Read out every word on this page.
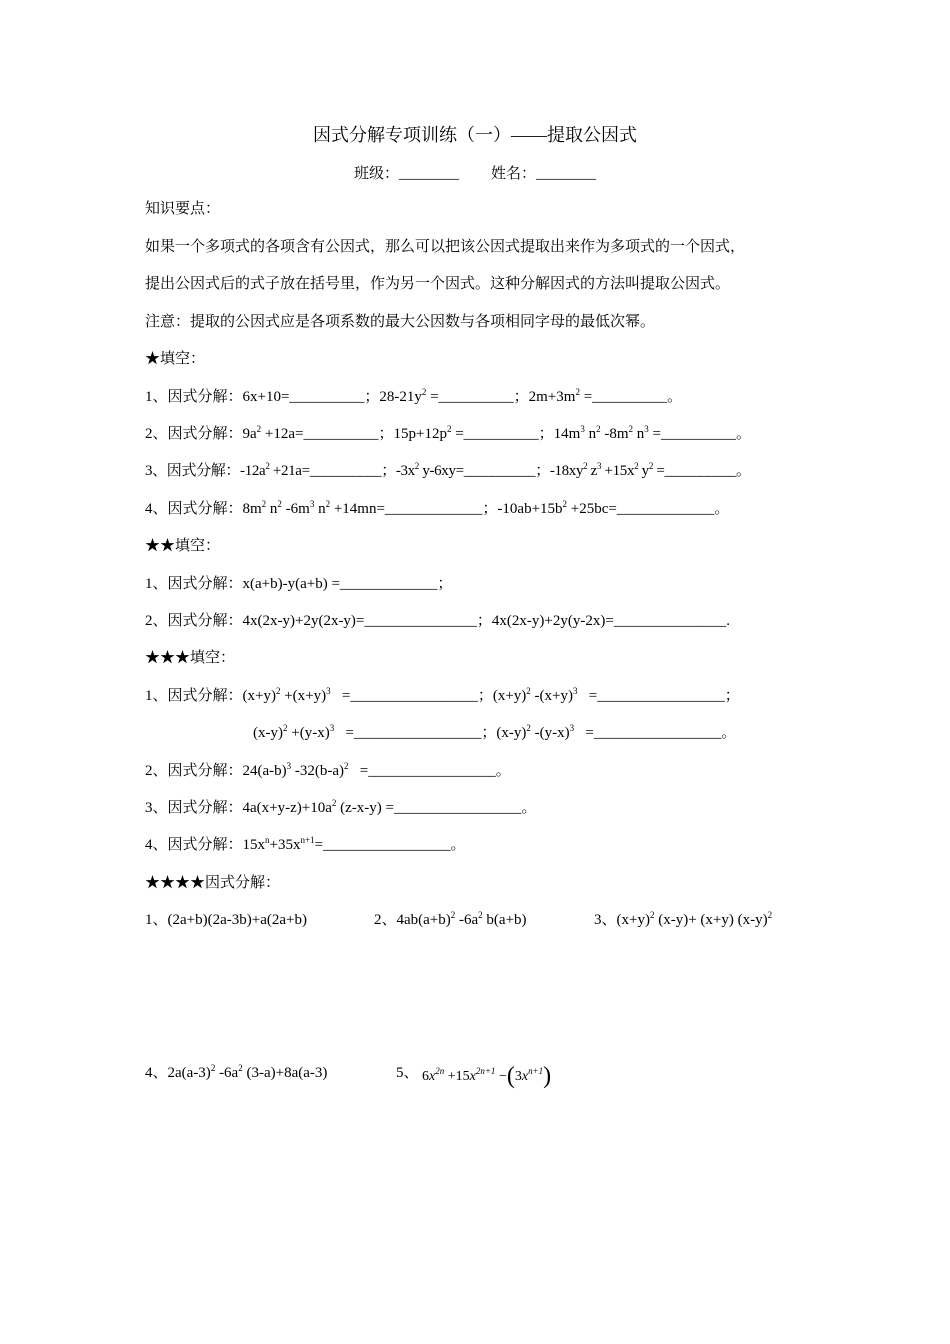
因式分解专项训练（一）——提取公因式
班级：________ 姓名：________
知识要点：
如果一个多项式的各项含有公因式，那么可以把该公因式提取出来作为多项式的一个因式，
提出公因式后的式子放在括号里，作为另一个因式。这种分解因式的方法叫提取公因式。
注意：提取的公因式应是各项系数的最大公因数与各项相同字母的最低次幂。
★填空：
1、因式分解：6x+10=__________；$28-21y^2$ =__________；$2m+3m^2$ =__________。
2、因式分解：$9a^2$ +12a=__________；$15p+12p^2$ =__________；$14m^3$ $n^2$ $-8m^2$ $n^3$ =__________。
3、因式分解：$-12a^2$ +21a=__________；$-3x^2$ y-6xy=__________；$-18xy^2$ $z^3 +15x^2$ $y^2$ =__________。
4、因式分解：$8m^2$ $n^2$ $-6m^3$ $n^2$ +14mn=_____________；$-10ab+15b^2$ +25bc=_____________。
★★填空：
1、因式分解：x(a+b)-y(a+b) =_____________；
2、因式分解：4x(2x-y)+2y(2x-y)=_______________；4x(2x-y)+2y(y-2x)=_______________.
★★★填空：
1、因式分解：$(x+y)^2 +(x+y)^3$   =_________________；$(x+y)^2$ $-(x+y)^3$   =_________________；
$(x-y)^2 +(y-x)^3$   =_________________；$(x-y)^2$ $-(y-x)^3$   =_________________。
2、因式分解：$24(a-b)^3$ $-32(b-a)^2$   =_________________。
3、因式分解：$4a(x+y-z)+10a^2$ (z-x-y) =_________________。
4、因式分解：$15x^n+35x^{n+1}=\_\_\_\_\_\_\_\_\_\_\_\_\_\_\_\_\_$。
★★★★因式分解：
1、(2a+b)(2a-3b)+a(2a+b)	2、$4ab(a+b)^2$ $-6a^2$ b(a+b)	3、$(x+y)^2$ (x-y)+ (x+y) $(x-y)^2$
4、$2a(a-3)^2$ $-6a^2$ (3-a)+8a(a-3)	5、 $6x^{2n} +15x^{2n+1} -(3x^{n+1})$
